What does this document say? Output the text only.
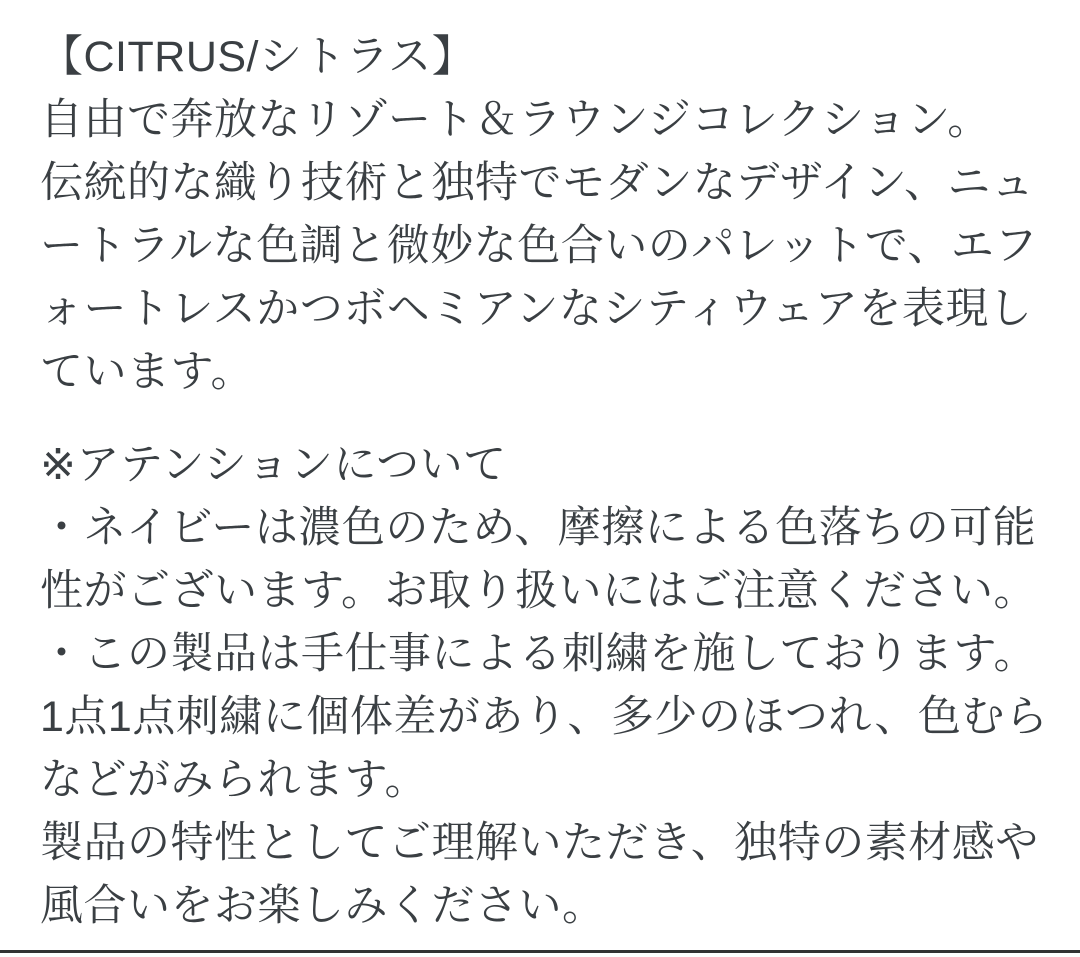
【CITRUS/シトラス】
自由で奔放なリゾート＆ラウンジコレクション。
伝統的な織り技術と独特でモダンなデザイン、ニュ
ートラルな色調と微妙な色合いのパレットで、エフ
ォートレスかつボヘミアンなシティウェアを表現し
ています。
※アテンションについて
・ネイビーは濃色のため、摩擦による色落ちの可能
性がございます。お取り扱いにはご注意ください。
・この製品は手仕事による刺繍を施しております。
1点1点刺繍に個体差があり、多少のほつれ、色むら
などがみられます。
製品の特性としてご理解いただき、独特の素材感や
風合いをお楽しみください。
